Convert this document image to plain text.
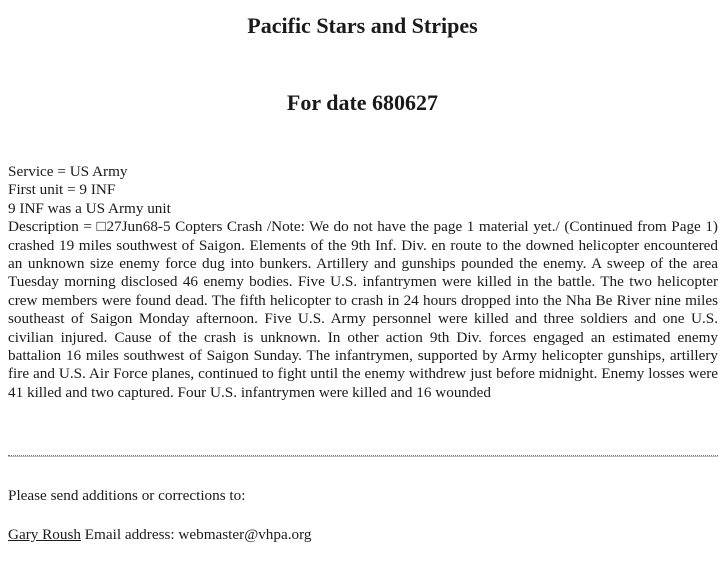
Pacific Stars and Stripes
For date 680627
Service = US Army
First unit = 9 INF
9 INF was a US Army unit
Description = □27Jun68-5 Copters Crash /Note: We do not have the page 1 material yet./ (Continued from Page 1) crashed 19 miles southwest of Saigon. Elements of the 9th Inf. Div. en route to the downed helicopter encountered an unknown size enemy force dug into bunkers. Artillery and gunships pounded the enemy. A sweep of the area Tuesday morning disclosed 46 enemy bodies. Five U.S. infantrymen were killed in the battle. The two helicopter crew members were found dead. The fifth helicopter to crash in 24 hours dropped into the Nha Be River nine miles southeast of Saigon Monday afternoon. Five U.S. Army personnel were killed and three soldiers and one U.S. civilian injured. Cause of the crash is unknown. In other action 9th Div. forces engaged an estimated enemy battalion 16 miles southwest of Saigon Sunday. The infantrymen, supported by Army helicopter gunships, artillery fire and U.S. Air Force planes, continued to fight until the enemy withdrew just before midnight. Enemy losses were 41 killed and two captured. Four U.S. infantrymen were killed and 16 wounded
Please send additions or corrections to:
Gary Roush Email address: webmaster@vhpa.org
